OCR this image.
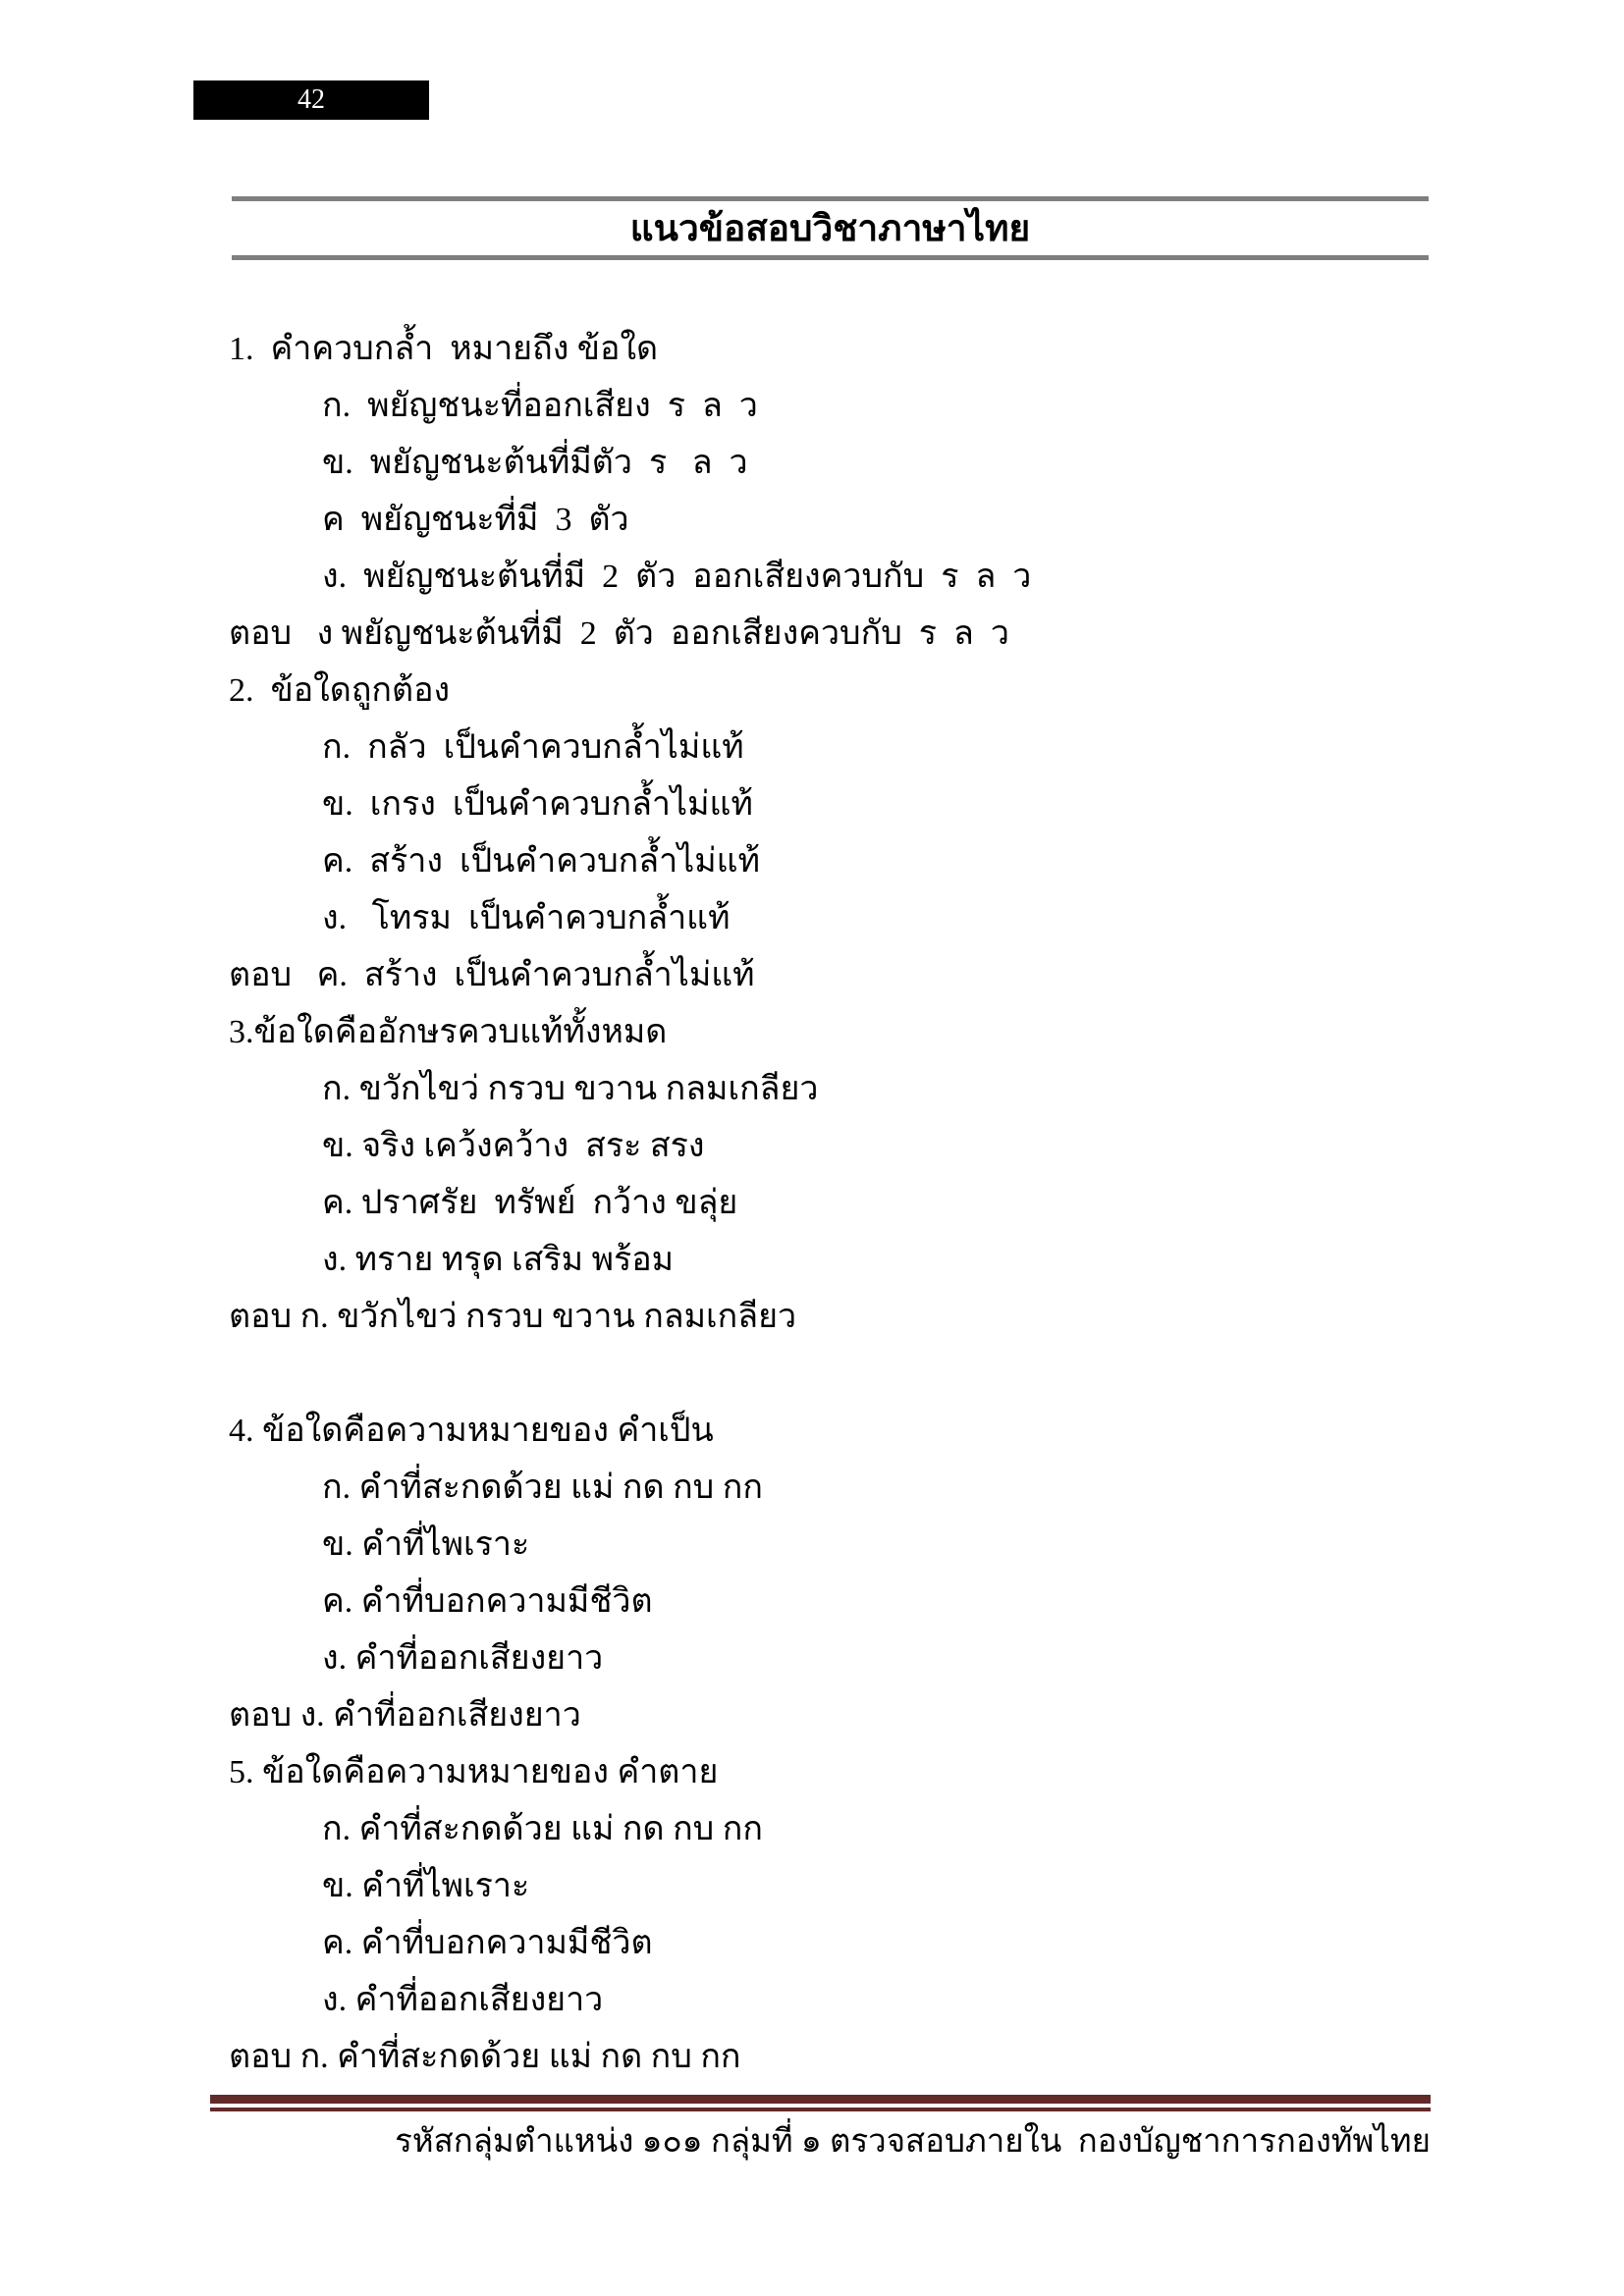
42
แนวข้อสอบวิชาภาษาไทย
1.  คำควบกล้ำ  หมายถึง ข้อใด
ก.  พยัญชนะที่ออกเสียง  ร  ล  ว
ข.  พยัญชนะต้นที่มีตัว  ร   ล  ว
ค  พยัญชนะที่มี  3  ตัว
ง.  พยัญชนะต้นที่มี  2  ตัว  ออกเสียงควบกับ  ร  ล  ว
ตอบ   ง พยัญชนะต้นที่มี  2  ตัว  ออกเสียงควบกับ  ร  ล  ว
2.  ข้อใดถูกต้อง
ก.  กลัว  เป็นคำควบกล้ำไม่แท้
ข.  เกรง  เป็นคำควบกล้ำไม่แท้
ค.  สร้าง  เป็นคำควบกล้ำไม่แท้
ง.   โทรม  เป็นคำควบกล้ำแท้
ตอบ   ค.  สร้าง  เป็นคำควบกล้ำไม่แท้
3.ข้อใดคืออักษรควบแท้ทั้งหมด
ก. ขวักไขว่ กรวบ ขวาน กลมเกลียว
ข. จริง เคว้งคว้าง  สระ สรง
ค. ปราศรัย  ทรัพย์  กว้าง ขลุ่ย
ง. ทราย ทรุด เสริม พร้อม
ตอบ ก. ขวักไขว่ กรวบ ขวาน กลมเกลียว
4. ข้อใดคือความหมายของ คำเป็น
ก. คำที่สะกดด้วย แม่ กด กบ กก
ข. คำที่ไพเราะ
ค. คำที่บอกความมีชีวิต
ง. คำที่ออกเสียงยาว
ตอบ ง. คำที่ออกเสียงยาว
5. ข้อใดคือความหมายของ คำตาย
ก. คำที่สะกดด้วย แม่ กด กบ กก
ข. คำที่ไพเราะ
ค. คำที่บอกความมีชีวิต
ง. คำที่ออกเสียงยาว
ตอบ ก. คำที่สะกดด้วย แม่ กด กบ กก
รหัสกลุ่มตำแหน่ง ๑๐๑ กลุ่มที่ ๑ ตรวจสอบภายใน  กองบัญชาการกองทัพไทย
